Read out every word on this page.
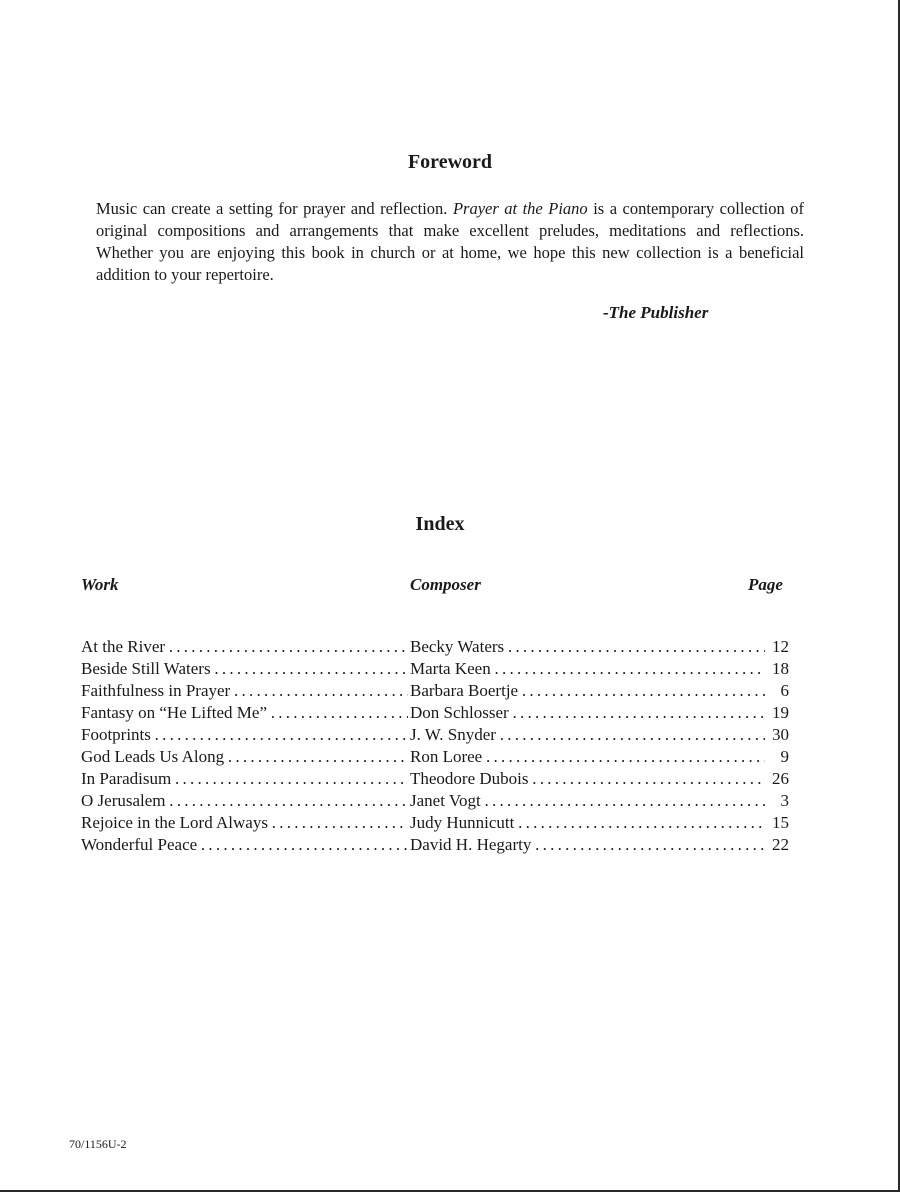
Foreword

Music can create a setting for prayer and reflection. Prayer at the Piano is a contemporary collection of original compositions and arrangements that make excellent preludes, meditations and reflections. Whether you are enjoying this book in church or at home, we hope this new collection is a beneficial addition to your repertoire.

-The Publisher
Index
Work	Composer	Page
At the River . . .	Becky Waters . . .	12
Beside Still Waters . . .	Marta Keen . . .	18
Faithfulness in Prayer . . .	Barbara Boertje . . .	6
Fantasy on “He Lifted Me” . . .	Don Schlosser . . .	19
Footprints . . .	J. W. Snyder . . .	30
God Leads Us Along . . .	Ron Loree . . .	9
In Paradisum . . .	Theodore Dubois . . .	26
O Jerusalem . . .	Janet Vogt . . .	3
Rejoice in the Lord Always . . .	Judy Hunnicutt . . .	15
Wonderful Peace . . .	David H. Hegarty . . .	22
70/1156U-2
